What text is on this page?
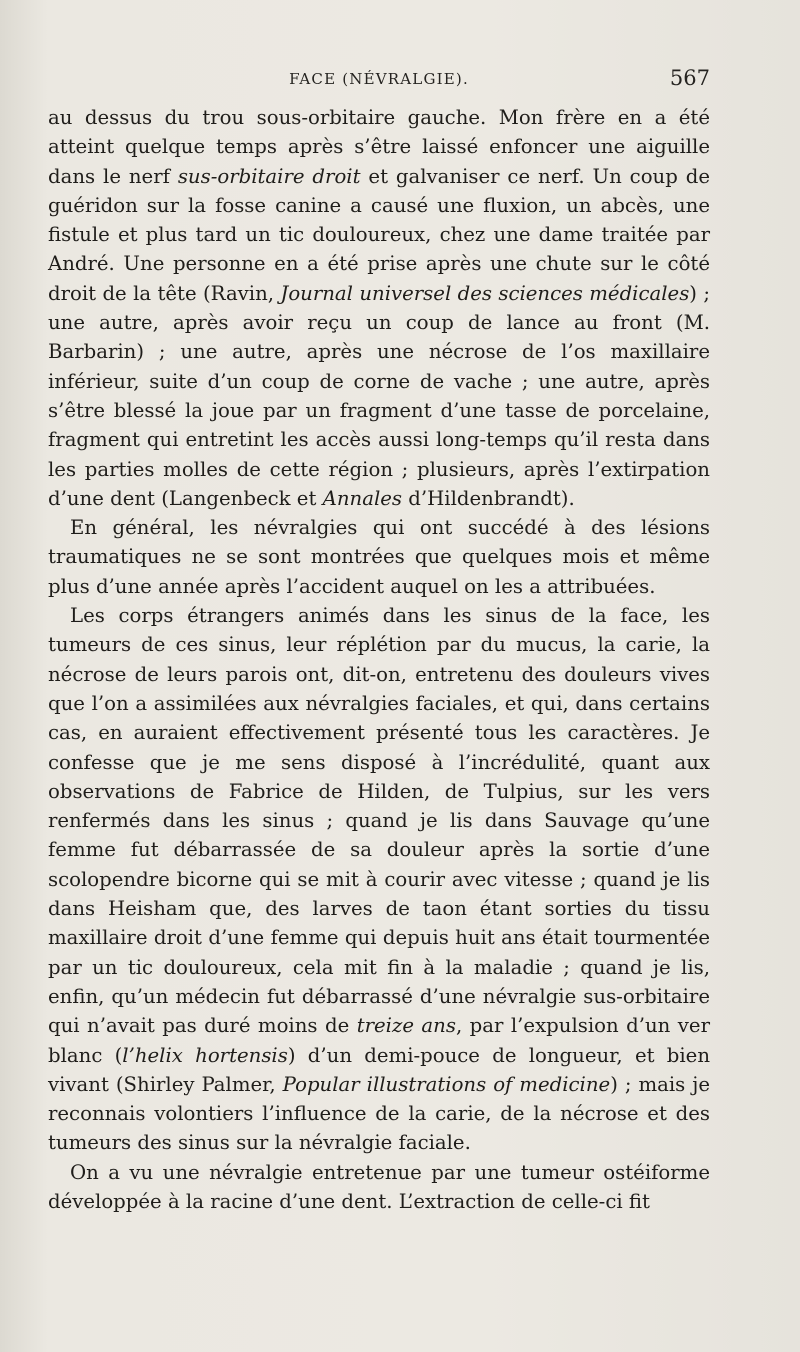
FACE (NÉVRALGIE).	567

au dessus du trou sous-orbitaire gauche. Mon frère en a été atteint quelque temps après s’être laissé enfoncer une aiguille dans le nerf sus-orbitaire droit et galvaniser ce nerf. Un coup de guéridon sur la fosse canine a causé une fluxion, un abcès, une fistule et plus tard un tic douloureux, chez une dame traitée par André. Une personne en a été prise après une chute sur le côté droit de la tête (Ravin, Journal universel des sciences médicales) ; une autre, après avoir reçu un coup de lance au front (M. Barbarin) ; une autre, après une nécrose de l’os maxillaire inférieur, suite d’un coup de corne de vache ; une autre, après s’être blessé la joue par un fragment d’une tasse de porcelaine, fragment qui entretint les accès aussi long-temps qu’il resta dans les parties molles de cette région ; plusieurs, après l’extirpation d’une dent (Langenbeck et Annales d’Hildenbrandt).

En général, les névralgies qui ont succédé à des lésions traumatiques ne se sont montrées que quelques mois et même plus d’une année après l’accident auquel on les a attribuées.

Les corps étrangers animés dans les sinus de la face, les tumeurs de ces sinus, leur réplétion par du mucus, la carie, la nécrose de leurs parois ont, dit-on, entretenu des douleurs vives que l’on a assimilées aux névralgies faciales, et qui, dans certains cas, en auraient effectivement présenté tous les caractères. Je confesse que je me sens disposé à l’incrédulité, quant aux observations de Fabrice de Hilden, de Tulpius, sur les vers renfermés dans les sinus ; quand je lis dans Sauvage qu’une femme fut débarrassée de sa douleur après la sortie d’une scolopendre bicorne qui se mit à courir avec vitesse ; quand je lis dans Heisham que, des larves de taon étant sorties du tissu maxillaire droit d’une femme qui depuis huit ans était tourmentée par un tic douloureux, cela mit fin à la maladie ; quand je lis, enfin, qu’un médecin fut débarrassé d’une névralgie sus-orbitaire qui n’avait pas duré moins de treize ans, par l’expulsion d’un ver blanc (l’helix hortensis) d’un demi-pouce de longueur, et bien vivant (Shirley Palmer, Popular illustrations of medicine) ; mais je reconnais volontiers l’influence de la carie, de la nécrose et des tumeurs des sinus sur la névralgie faciale.

On a vu une névralgie entretenue par une tumeur ostéiforme développée à la racine d’une dent. L’extraction de celle-ci fit
